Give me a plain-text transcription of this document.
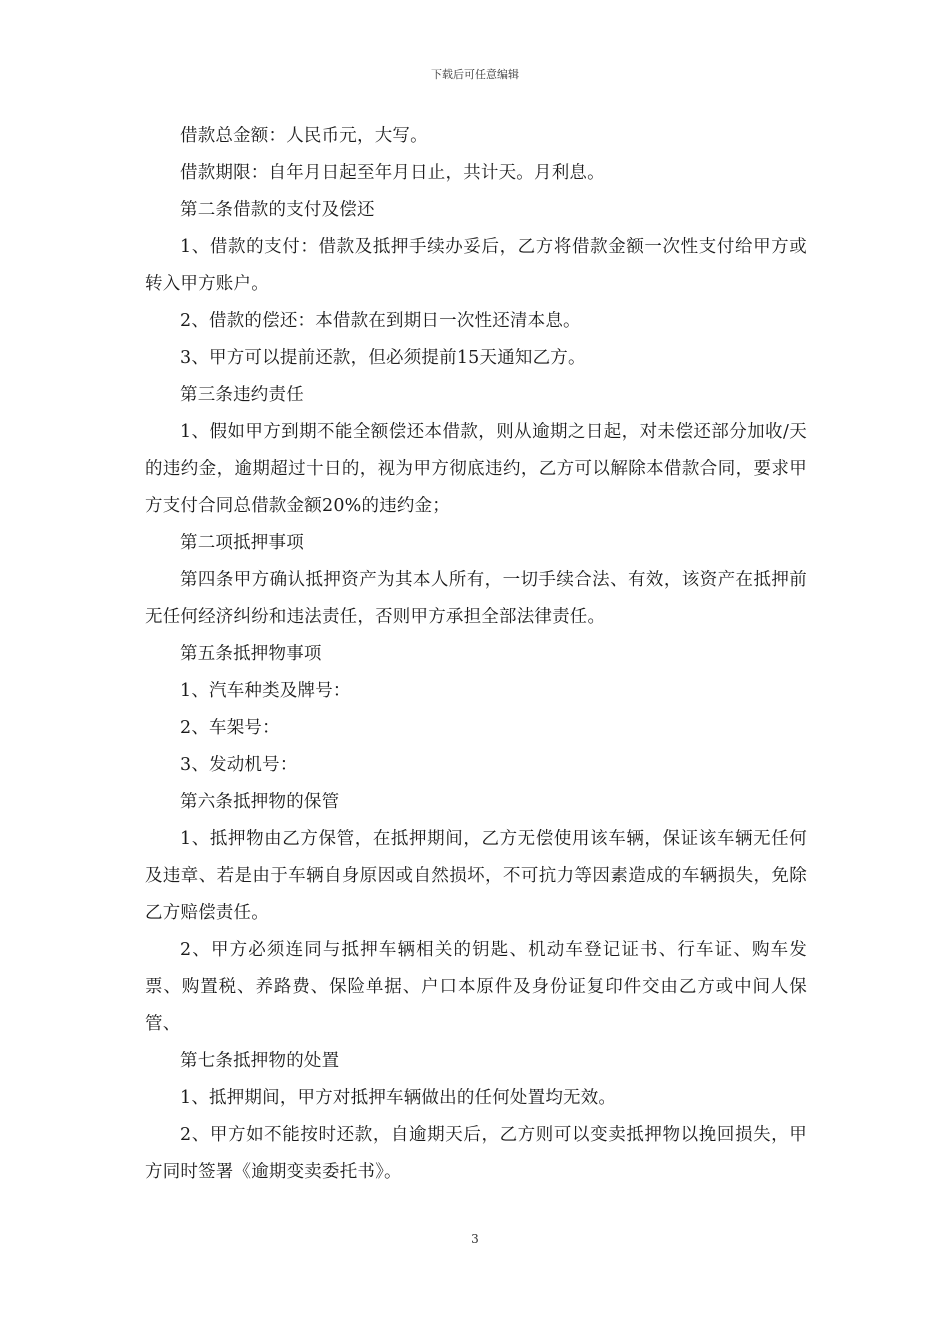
下载后可任意编辑

借款总金额：人民币元，大写。

借款期限：自年月日起至年月日止，共计天。月利息。

第二条借款的支付及偿还

1、借款的支付：借款及抵押手续办妥后，乙方将借款金额一次性支付给甲方或转入甲方账户。

2、借款的偿还：本借款在到期日一次性还清本息。

3、甲方可以提前还款，但必须提前15天通知乙方。

第三条违约责任

1、假如甲方到期不能全额偿还本借款，则从逾期之日起，对未偿还部分加收/天的违约金，逾期超过十日的，视为甲方彻底违约，乙方可以解除本借款合同，要求甲方支付合同总借款金额20%的违约金；

第二项抵押事项

第四条甲方确认抵押资产为其本人所有，一切手续合法、有效，该资产在抵押前无任何经济纠纷和违法责任，否则甲方承担全部法律责任。

第五条抵押物事项

1、汽车种类及牌号：

2、车架号：

3、发动机号：

第六条抵押物的保管

1、抵押物由乙方保管，在抵押期间，乙方无偿使用该车辆，保证该车辆无任何及违章、若是由于车辆自身原因或自然损坏，不可抗力等因素造成的车辆损失，免除乙方赔偿责任。

2、甲方必须连同与抵押车辆相关的钥匙、机动车登记证书、行车证、购车发票、购置税、养路费、保险单据、户口本原件及身份证复印件交由乙方或中间人保管、

第七条抵押物的处置

1、抵押期间，甲方对抵押车辆做出的任何处置均无效。

2、甲方如不能按时还款，自逾期天后，乙方则可以变卖抵押物以挽回损失，甲方同时签署《逾期变卖委托书》。

3
